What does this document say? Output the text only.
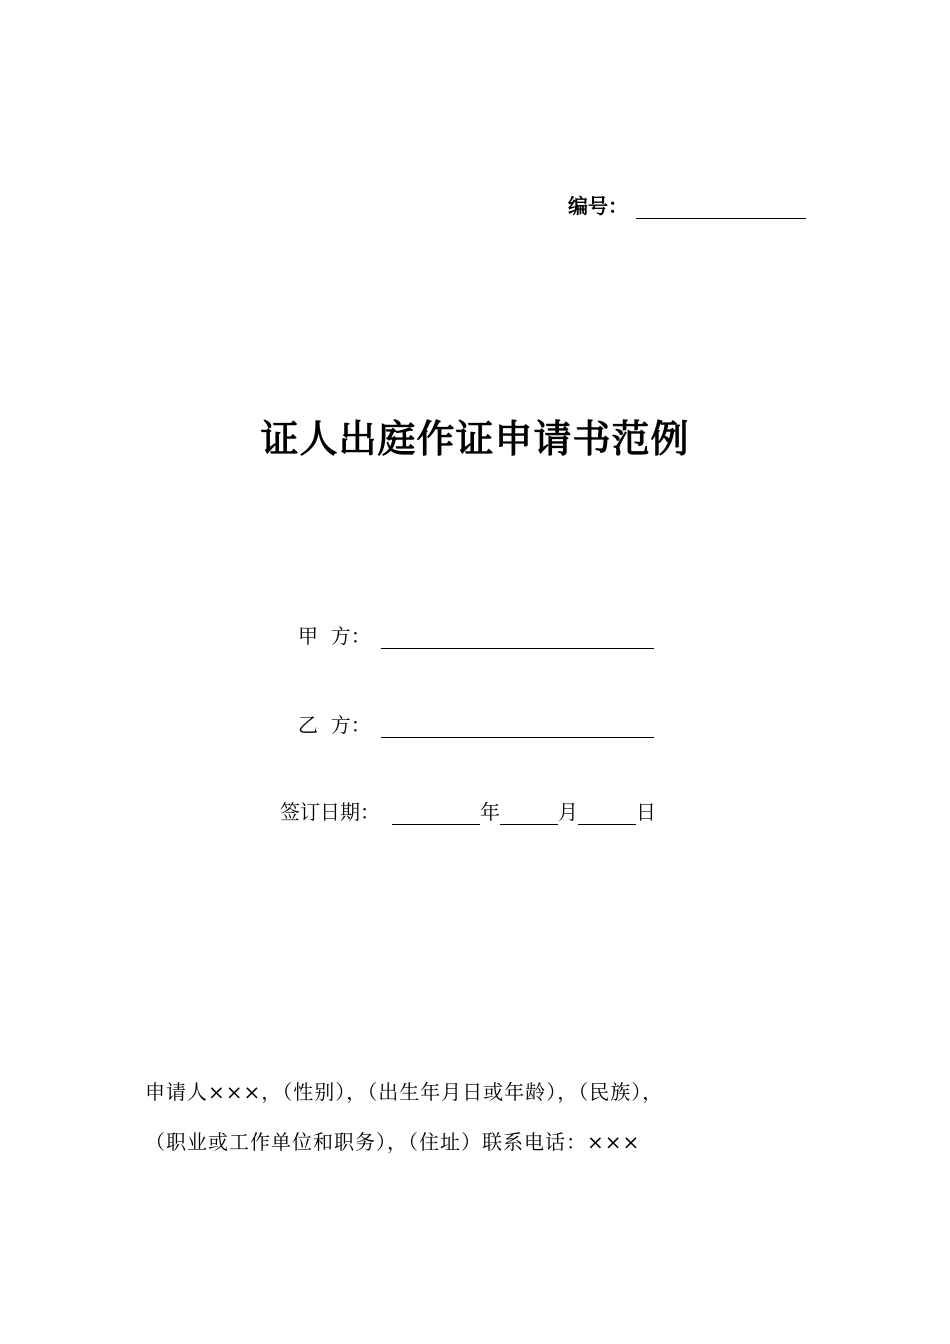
编号：
证人出庭作证申请书范例
甲  方：
乙  方：
签订日期：	年	月	日
申请人×××，（性别），（出生年月日或年龄），（民族），
（职业或工作单位和职务），（住址）联系电话：×××
